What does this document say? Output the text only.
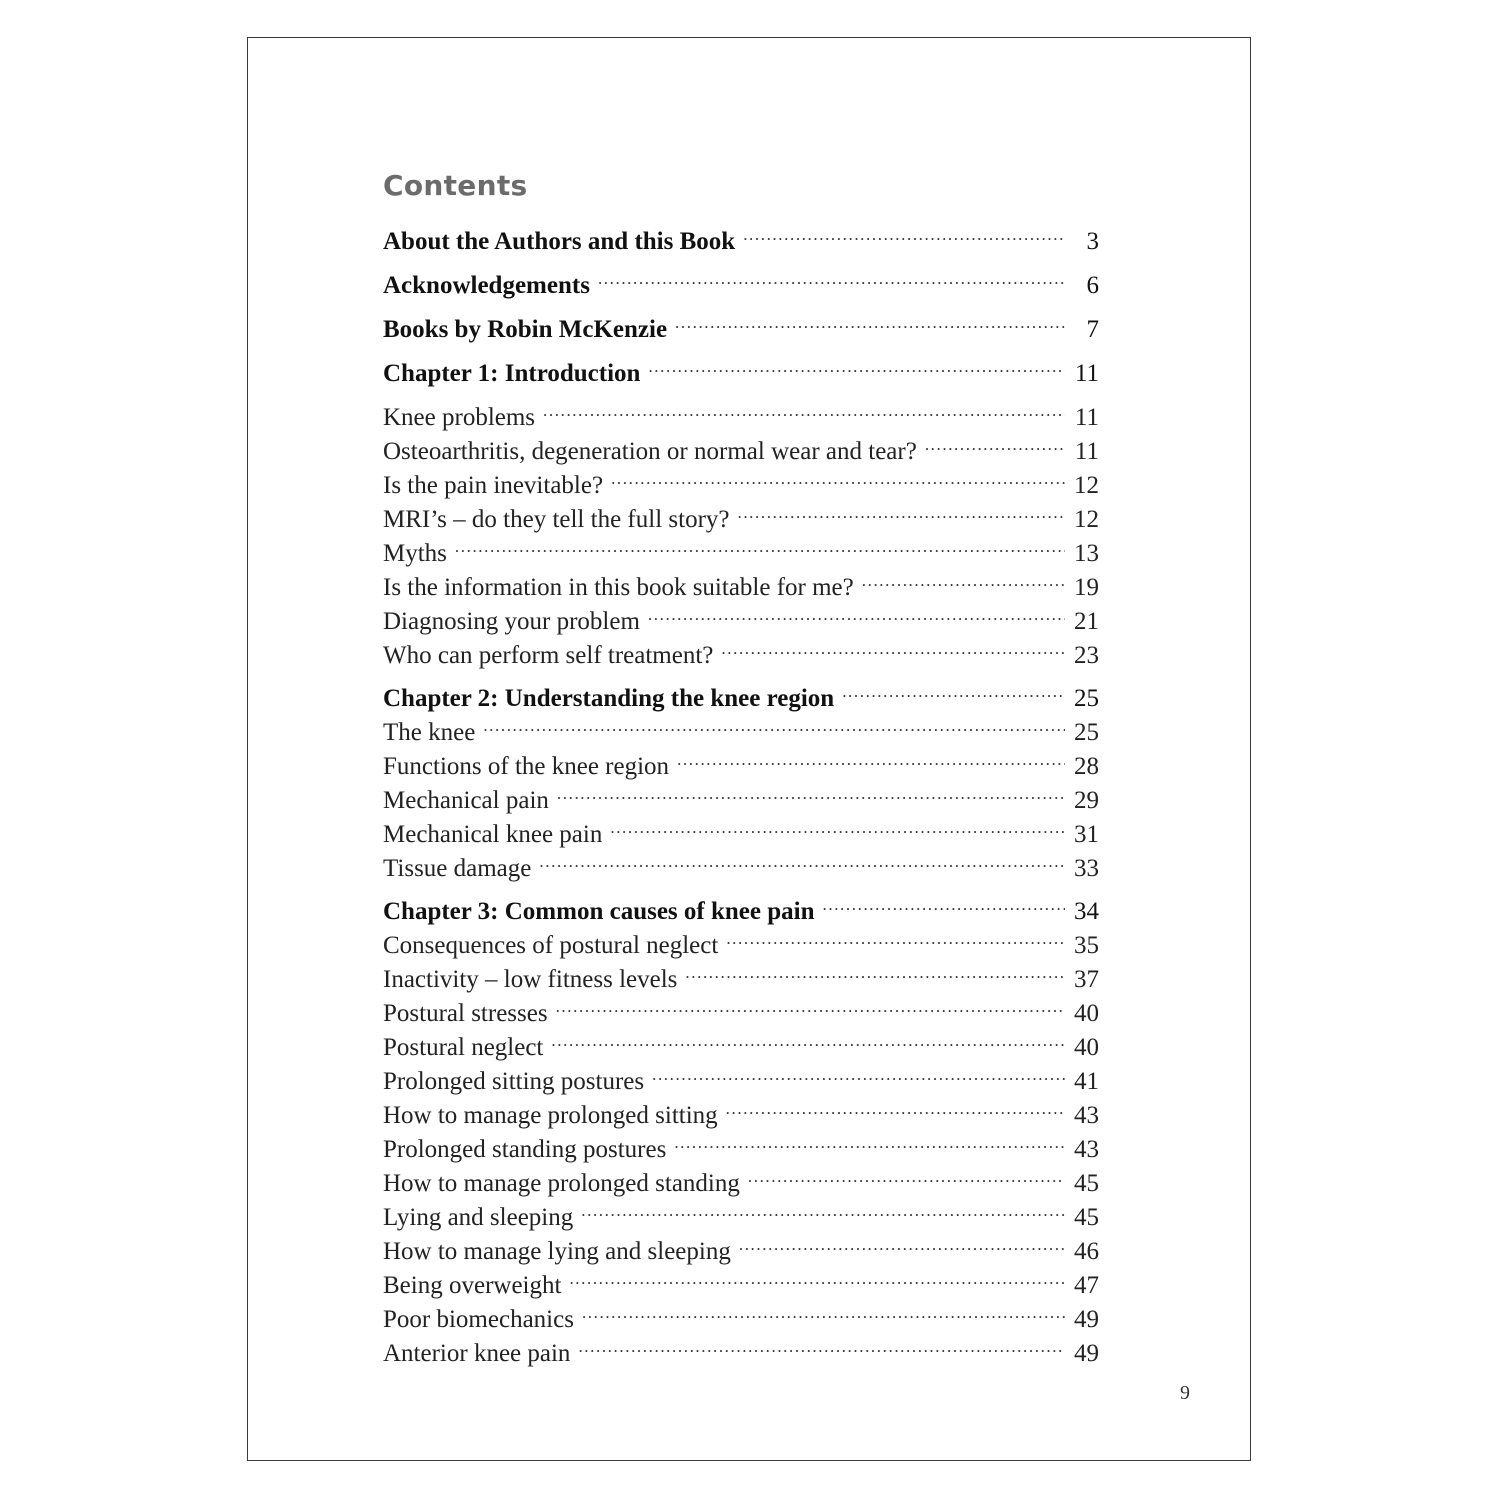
Contents
About the Authors and this Book .....	3
Acknowledgements .....	6
Books by Robin McKenzie .....	7
Chapter 1: Introduction .....	11
Knee problems .....	11
Osteoarthritis, degeneration or normal wear and tear? .....	11
Is the pain inevitable? .....	12
MRI’s – do they tell the full story? .....	12
Myths .....	13
Is the information in this book suitable for me? .....	19
Diagnosing your problem .....	21
Who can perform self treatment? .....	23
Chapter 2: Understanding the knee region .....	25
The knee .....	25
Functions of the knee region .....	28
Mechanical pain .....	29
Mechanical knee pain .....	31
Tissue damage .....	33
Chapter 3: Common causes of knee pain .....	34
Consequences of postural neglect .....	35
Inactivity – low fitness levels .....	37
Postural stresses .....	40
Postural neglect .....	40
Prolonged sitting postures .....	41
How to manage prolonged sitting .....	43
Prolonged standing postures .....	43
How to manage prolonged standing .....	45
Lying and sleeping .....	45
How to manage lying and sleeping .....	46
Being overweight .....	47
Poor biomechanics .....	49
Anterior knee pain .....	49
9
